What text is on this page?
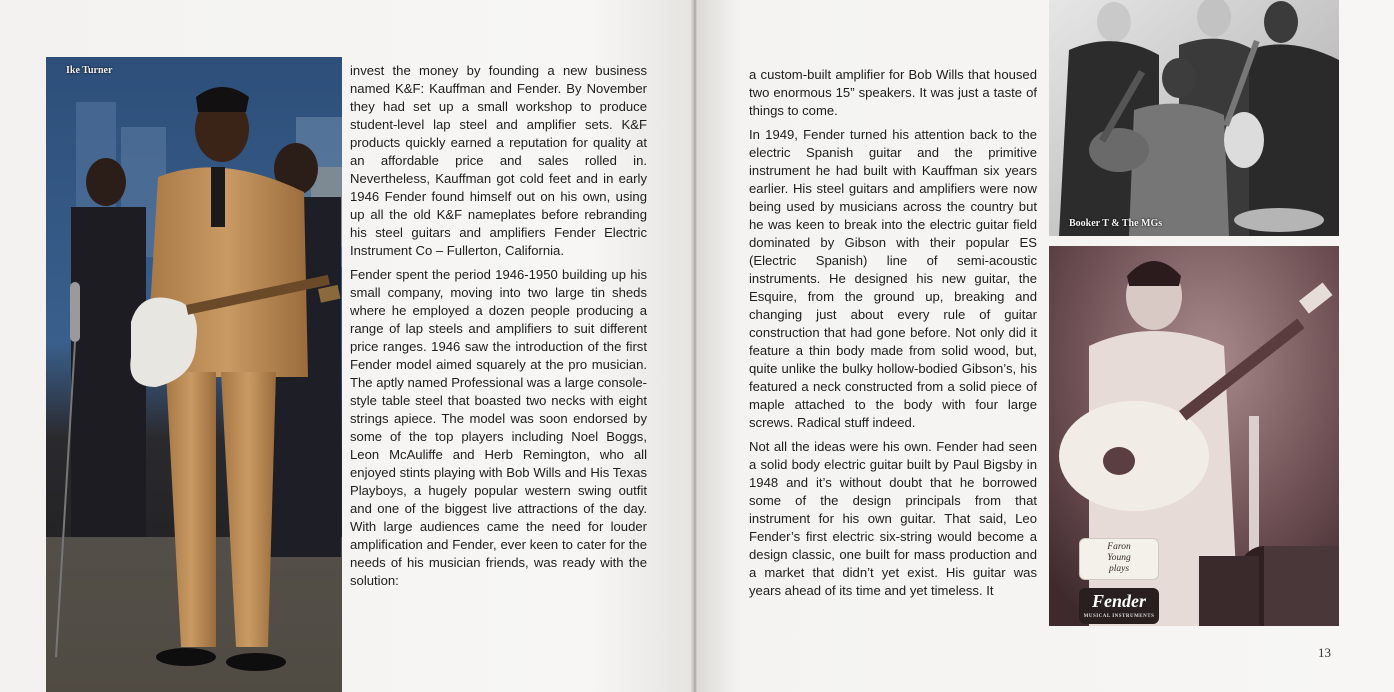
Ike Turner	invest the money by founding a new business named K&F: Kauffman and Fender. By November they had set up a small workshop to produce student-level lap steel and amplifier sets. K&F products quickly earned a reputation for quality at an affordable price and sales rolled in. Nevertheless, Kauffman got cold feet and in early 1946 Fender found himself out on his own, using up all the old K&F nameplates before rebranding his steel guitars and amplifiers Fender Electric Instrument Co – Fullerton, California.

Fender spent the period 1946-1950 building up his small company, moving into two large tin sheds where he employed a dozen people producing a range of lap steels and amplifiers to suit different price ranges. 1946 saw the introduction of the first Fender model aimed squarely at the pro musician. The aptly named Professional was a large console-style table steel that boasted two necks with eight strings apiece. The model was soon endorsed by some of the top players including Noel Boggs, Leon McAuliffe and Herb Remington, who all enjoyed stints playing with Bob Wills and His Texas Playboys, a hugely popular western swing outfit and one of the biggest live attractions of the day. With large audiences came the need for louder amplification and Fender, ever keen to cater for the needs of his musician friends, was ready with the solution:

a custom-built amplifier for Bob Wills that housed two enormous 15” speakers. It was just a taste of things to come.

In 1949, Fender turned his attention back to the electric Spanish guitar and the primitive instrument he had built with Kauffman six years earlier. His steel guitars and amplifiers were now being used by musicians across the country but he was keen to break into the electric guitar field dominated by Gibson with their popular ES (Electric Spanish) line of semi-acoustic instruments. He designed his new guitar, the Esquire, from the ground up, breaking and changing just about every rule of guitar construction that had gone before. Not only did it feature a thin body made from solid wood, but, quite unlike the bulky hollow-bodied Gibson’s, his featured a neck constructed from a solid piece of maple attached to the body with four large screws. Radical stuff indeed.

Not all the ideas were his own. Fender had seen a solid body electric guitar built by Paul Bigsby in 1948 and it’s without doubt that he borrowed some of the design principals from that instrument for his own guitar. That said, Leo Fender’s first electric six-string would become a design classic, one built for mass production and a market that didn’t yet exist. His guitar was years ahead of its time and yet timeless. It

13
Booker T & The MGs
Faron
Young
plays
Fender
MUSICAL INSTRUMENTS
